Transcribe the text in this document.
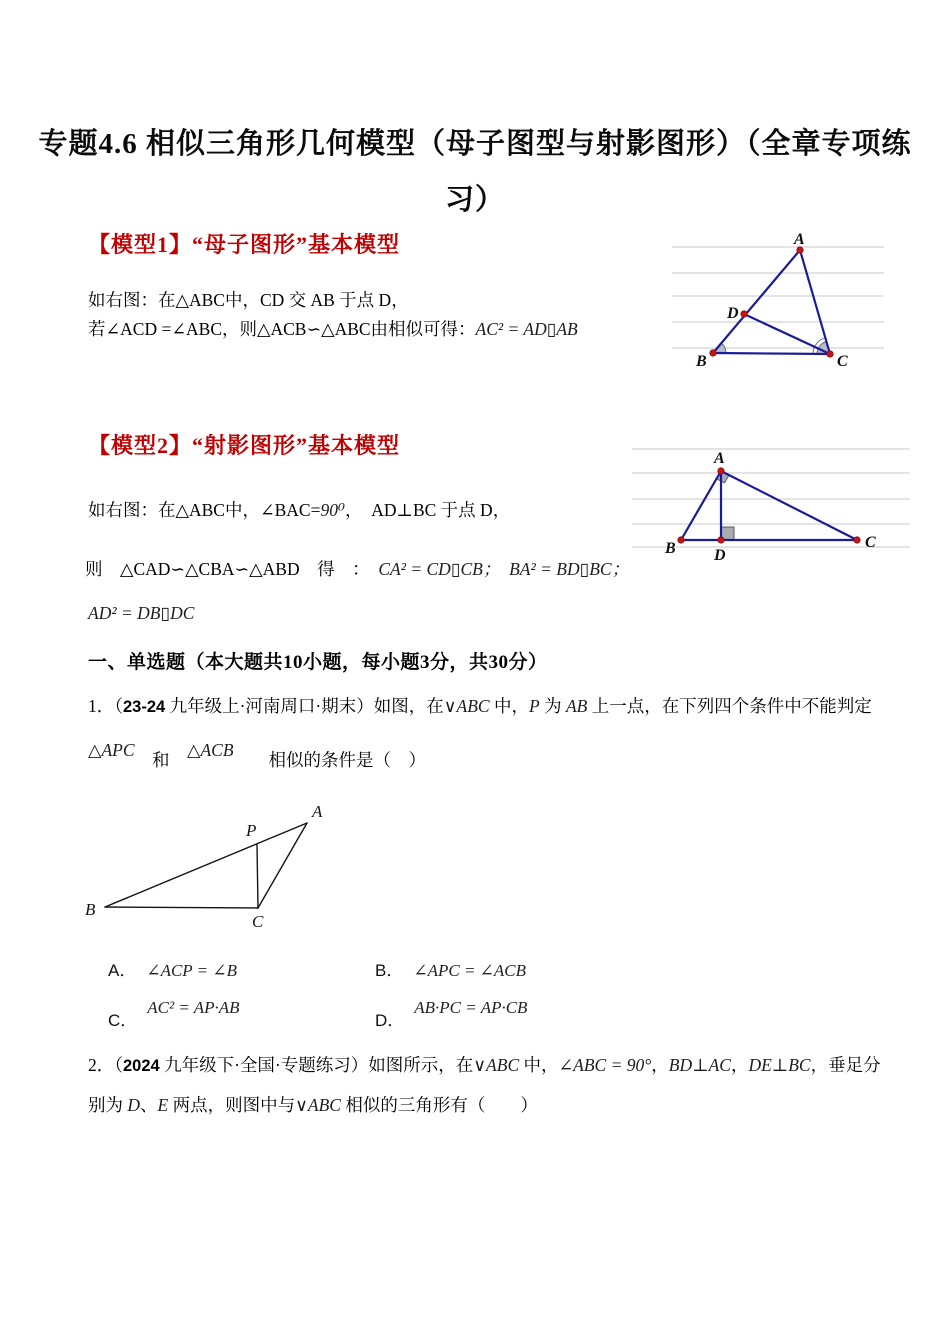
专题4.6 相似三角形几何模型（母子图型与射影图形）（全章专项练
习）
【模型1】“母子图形”基本模型
如右图：在△ABC中，CD 交 AB 于点 D，
若∠ACD =∠ABC，则△ACB∽△ABC由相似可得：AC² = AD▯AB
A
B	C
D
【模型2】“射影图形”基本模型
如右图：在△ABC中，∠BAC=90⁰，　AD⊥BC 于点 D，
则　△CAD∽△CBA∽△ABD　得　：　CA² = CD▯CB；　 BA² = BD▯BC；
AD² = DB▯DC
A
B	C
D
一、单选题（本大题共10小题，每小题3分，共30分）
1．（23-24 九年级上·河南周口·期末）如图，在∨ABC 中，P 为 AB 上一点，在下列四个条件中不能判定
△APC　和　△ACB　　相似的条件是（　）
A
P
B
C
A． ∠ACP = ∠B	B． ∠APC = ∠ACB
C．AC² = AP·AB
D．AB·PC = AP·CB
2．（2024 九年级下·全国·专题练习）如图所示，在∨ABC 中，∠ABC = 90°，BD⊥AC，DE⊥BC，垂足分
别为 D、E 两点，则图中与∨ABC 相似的三角形有（　　）
